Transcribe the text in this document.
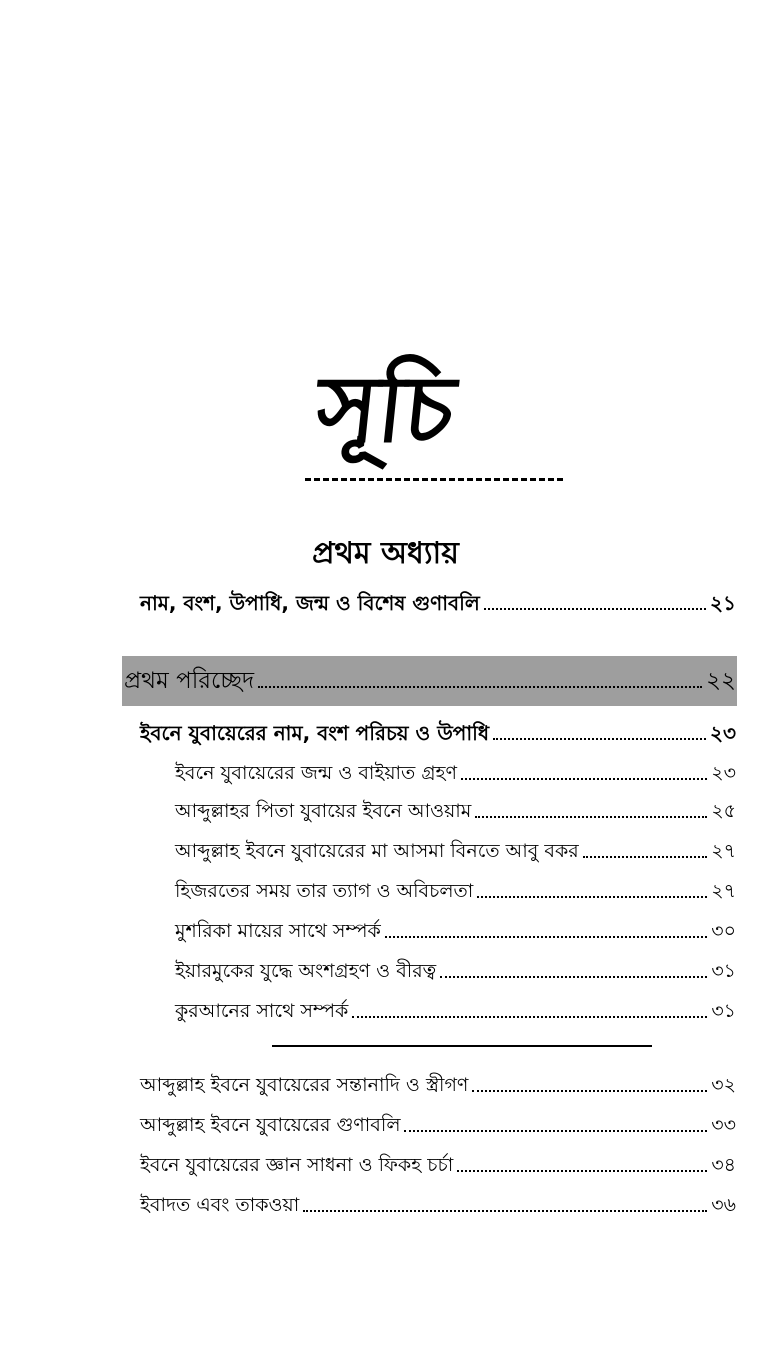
সূচি
প্রথম অধ্যায়
নাম, বংশ, উপাধি, জন্ম ও বিশেষ গুণাবলি	২১
প্রথম পরিচ্ছেদ	২২
ইবনে যুবায়েরের নাম, বংশ পরিচয় ও উপাধি	২৩
ইবনে যুবায়েরের জন্ম ও বাইয়াত গ্রহণ	২৩
আব্দুল্লাহর পিতা যুবায়ের ইবনে আওয়াম	২৫
আব্দুল্লাহ ইবনে যুবায়েরের মা আসমা বিনতে আবু বকর	২৭
হিজরতের সময় তার ত্যাগ ও অবিচলতা	২৭
মুশরিকা মায়ের সাথে সম্পর্ক	৩০
ইয়ারমুকের যুদ্ধে অংশগ্রহণ ও বীরত্ব	৩১
কুরআনের সাথে সম্পর্ক	৩১
আব্দুল্লাহ ইবনে যুবায়েরের সন্তানাদি ও স্ত্রীগণ	৩২
আব্দুল্লাহ ইবনে যুবায়েরের গুণাবলি	৩৩
ইবনে যুবায়েরের জ্ঞান সাধনা ও ফিকহ চর্চা	৩৪
ইবাদত এবং তাকওয়া	৩৬
